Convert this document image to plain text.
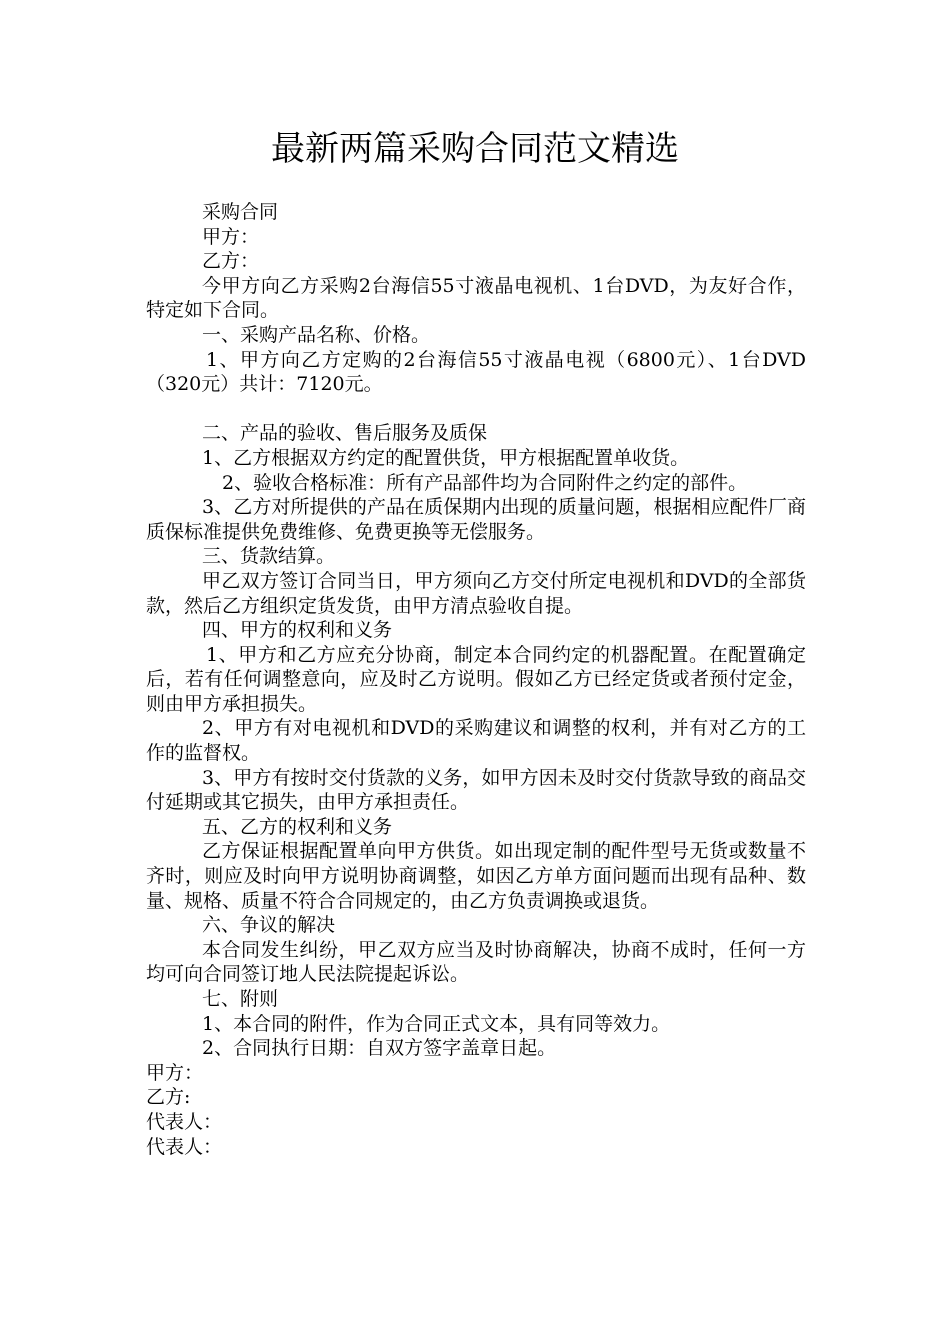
最新两篇采购合同范文精选

采购合同

甲方：

乙方：

今甲方向乙方采购2台海信55寸液晶电视机、1台DVD，为友好合作，特定如下合同。

一、采购产品名称、价格。

1、甲方向乙方定购的2台海信55寸液晶电视（6800元）、1台DVD（320元）共计：7120元。

二、产品的验收、售后服务及质保

1、乙方根据双方约定的配置供货，甲方根据配置单收货。

2、验收合格标准：所有产品部件均为合同附件之约定的部件。

3、乙方对所提供的产品在质保期内出现的质量问题，根据相应配件厂商质保标准提供免费维修、免费更换等无偿服务。

三、货款结算。

甲乙双方签订合同当日，甲方须向乙方交付所定电视机和DVD的全部货款，然后乙方组织定货发货，由甲方清点验收自提。

四、甲方的权利和义务

1、甲方和乙方应充分协商，制定本合同约定的机器配置。在配置确定后，若有任何调整意向，应及时乙方说明。假如乙方已经定货或者预付定金，则由甲方承担损失。

2、甲方有对电视机和DVD的采购建议和调整的权利，并有对乙方的工作的监督权。

3、甲方有按时交付货款的义务，如甲方因未及时交付货款导致的商品交付延期或其它损失，由甲方承担责任。

五、乙方的权利和义务

乙方保证根据配置单向甲方供货。如出现定制的配件型号无货或数量不齐时，则应及时向甲方说明协商调整，如因乙方单方面问题而出现有品种、数量、规格、质量不符合合同规定的，由乙方负责调换或退货。

六、争议的解决

本合同发生纠纷，甲乙双方应当及时协商解决，协商不成时，任何一方均可向合同签订地人民法院提起诉讼。

七、附则

1、本合同的附件，作为合同正式文本，具有同等效力。

2、合同执行日期：自双方签字盖章日起。

甲方：

乙方:

代表人：

代表人：
